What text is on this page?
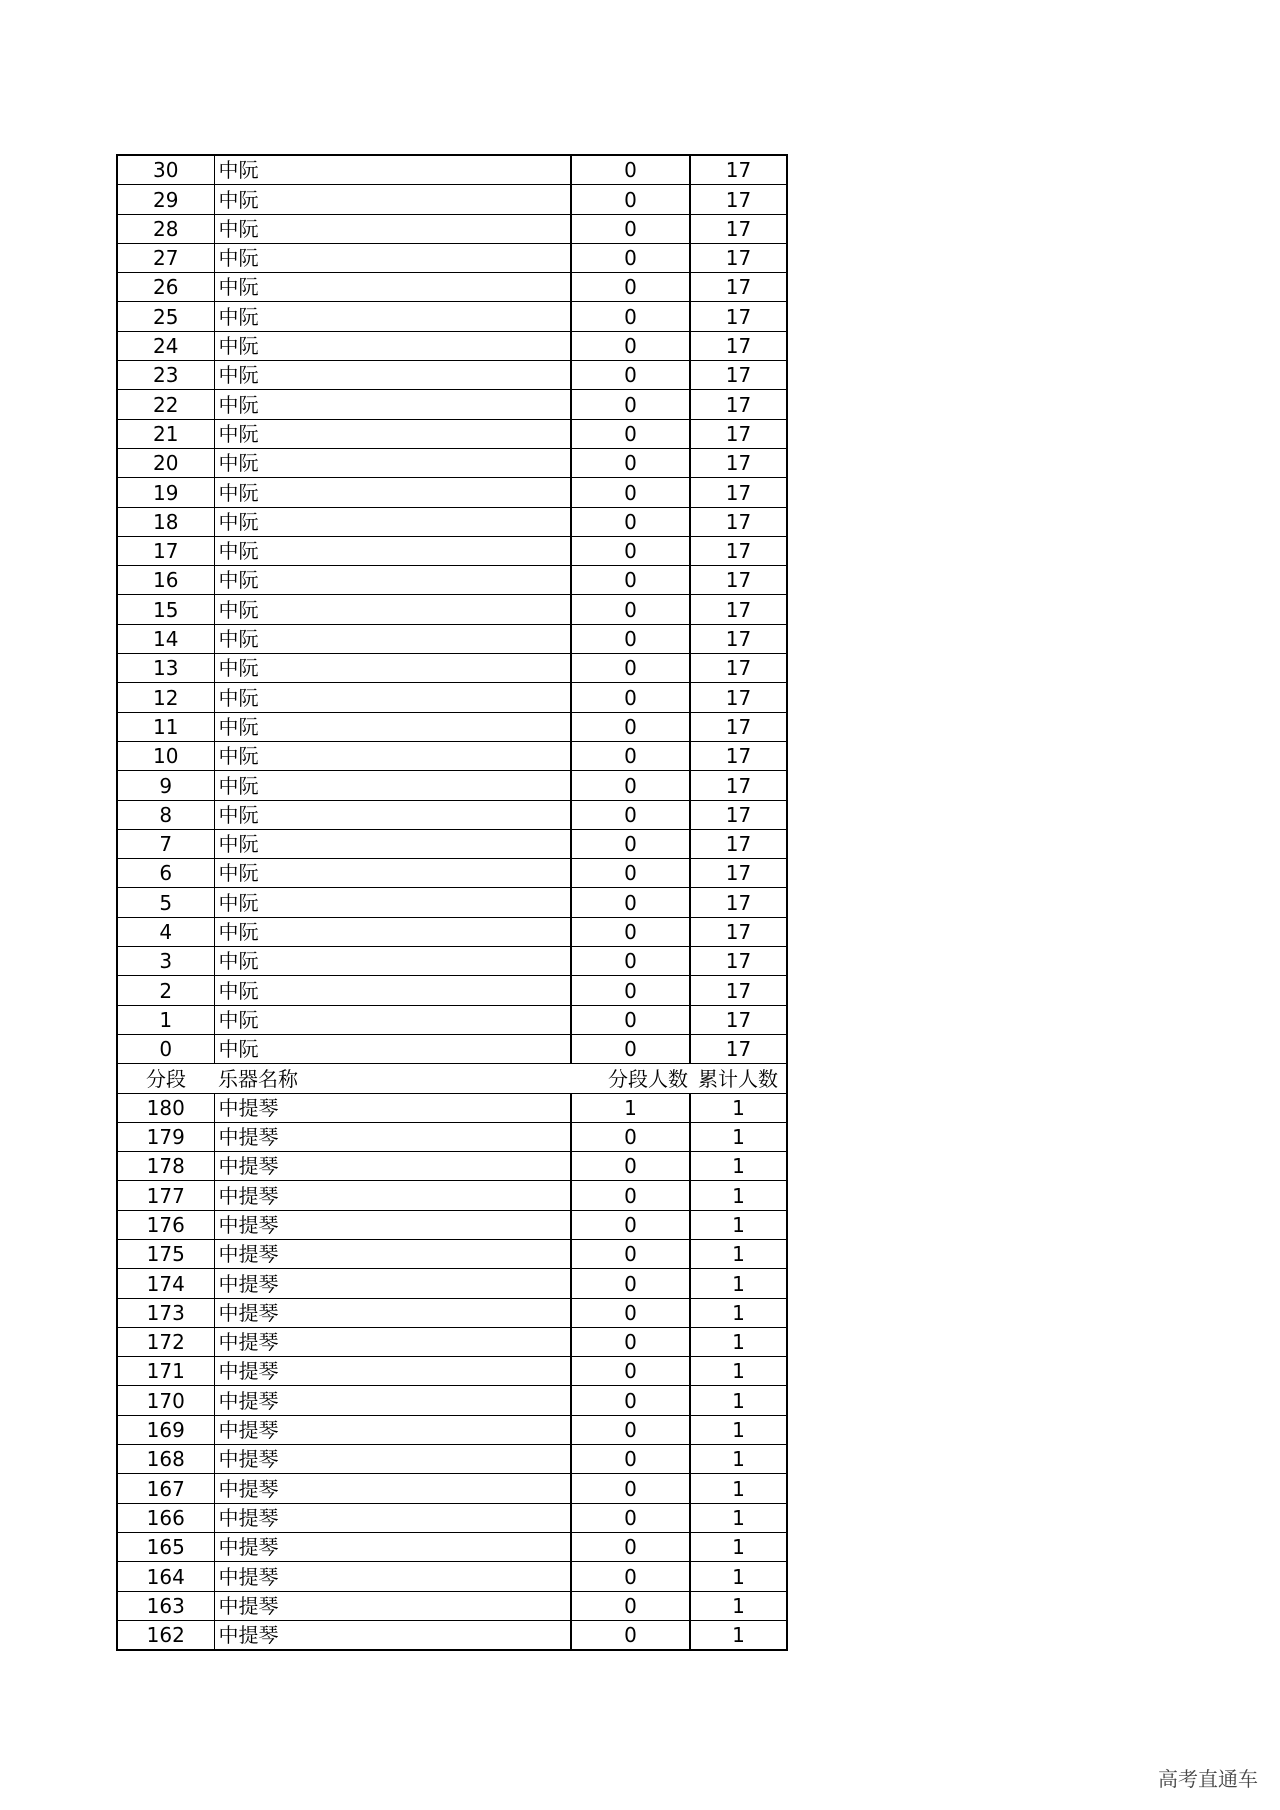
30	中阮	0	17
29	中阮	0	17
28	中阮	0	17
27	中阮	0	17
26	中阮	0	17
25	中阮	0	17
24	中阮	0	17
23	中阮	0	17
22	中阮	0	17
21	中阮	0	17
20	中阮	0	17
19	中阮	0	17
18	中阮	0	17
17	中阮	0	17
16	中阮	0	17
15	中阮	0	17
14	中阮	0	17
13	中阮	0	17
12	中阮	0	17
11	中阮	0	17
10	中阮	0	17
9	中阮	0	17
8	中阮	0	17
7	中阮	0	17
6	中阮	0	17
5	中阮	0	17
4	中阮	0	17
3	中阮	0	17
2	中阮	0	17
1	中阮	0	17
0	中阮	0	17
分段	乐器名称	分段人数	累计人数
180	中提琴	1	1
179	中提琴	0	1
178	中提琴	0	1
177	中提琴	0	1
176	中提琴	0	1
175	中提琴	0	1
174	中提琴	0	1
173	中提琴	0	1
172	中提琴	0	1
171	中提琴	0	1
170	中提琴	0	1
169	中提琴	0	1
168	中提琴	0	1
167	中提琴	0	1
166	中提琴	0	1
165	中提琴	0	1
164	中提琴	0	1
163	中提琴	0	1
162	中提琴	0	1
高考直通车
